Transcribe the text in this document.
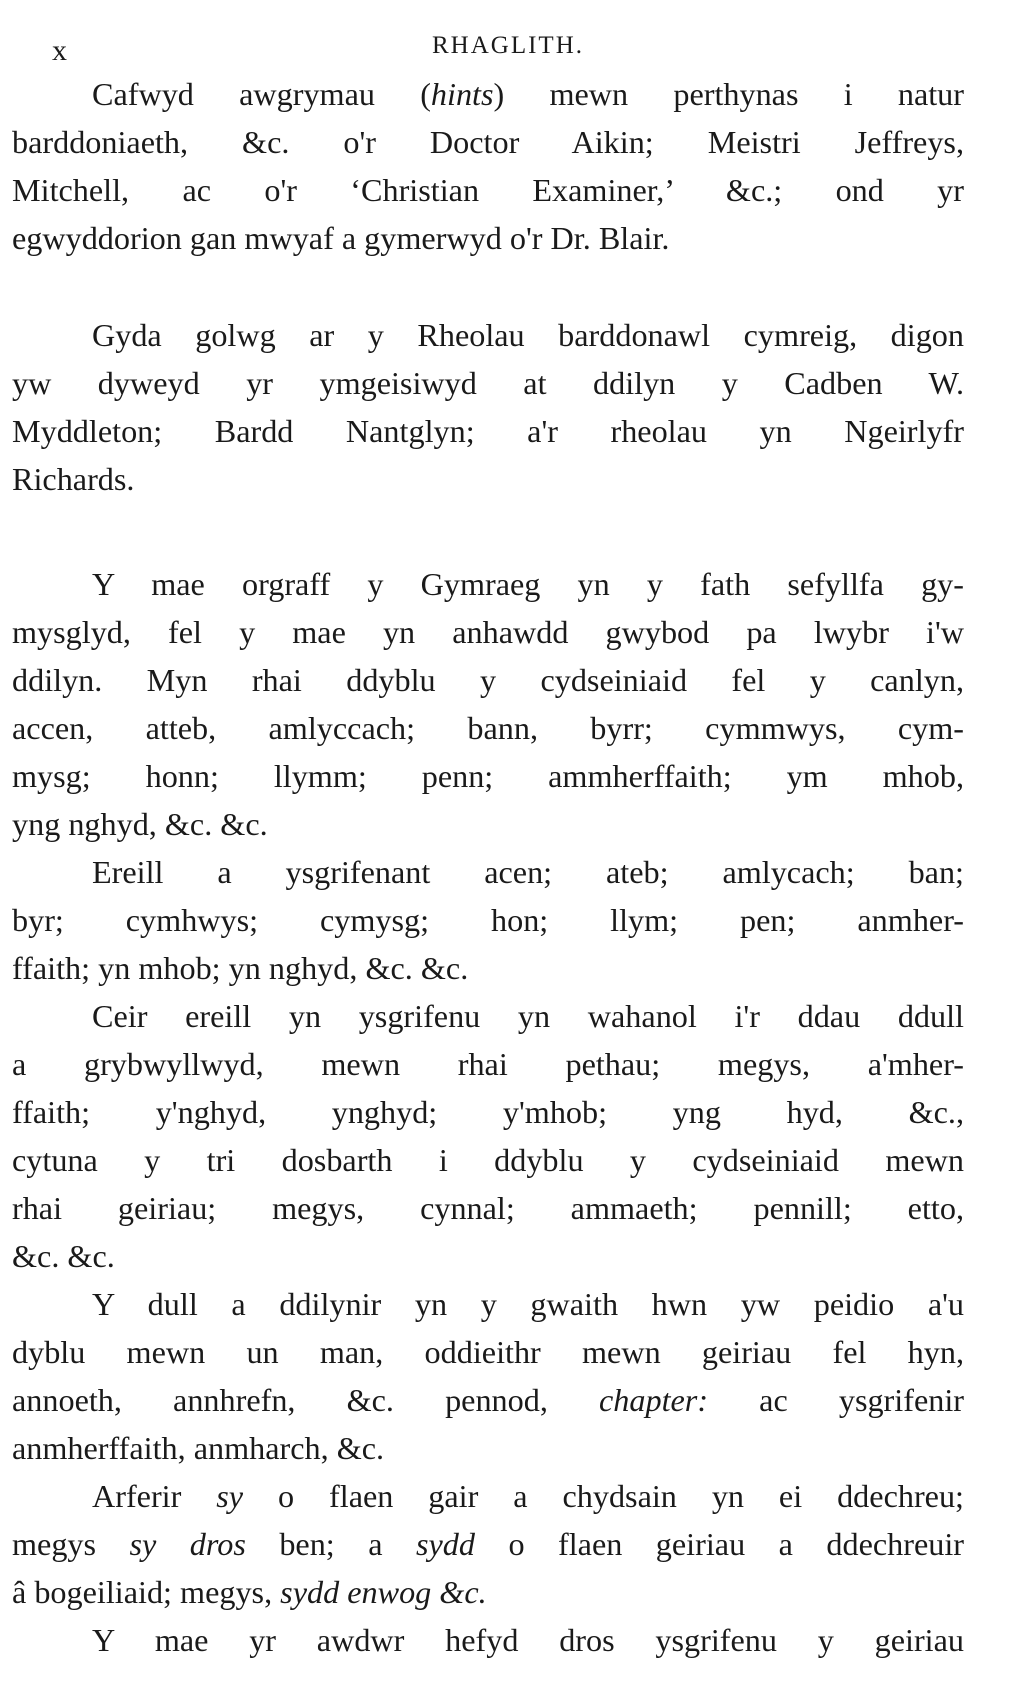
x	RHAGLITH.

Cafwyd awgrymau (hints) mewn perthynas i natur
barddoniaeth, &c. o'r Doctor Aikin; Meistri Jeffreys,
Mitchell, ac o'r ‘Christian Examiner,’ &c.; ond yr
egwyddorion gan mwyaf a gymerwyd o'r Dr. Blair.

Gyda golwg ar y Rheolau barddonawl cymreig, digon
yw dyweyd yr ymgeisiwyd at ddilyn y Cadben W.
Myddleton; Bardd Nantglyn; a'r rheolau yn Ngeirlyfr
Richards.

Y mae orgraff y Gymraeg yn y fath sefyllfa gy-
mysglyd, fel y mae yn anhawdd gwybod pa lwybr i'w
ddilyn. Myn rhai ddyblu y cydseiniaid fel y canlyn,
accen, atteb, amlyccach; bann, byrr; cymmwys, cym-
mysg; honn; llymm; penn; ammherffaith; ym mhob,
yng nghyd, &c. &c.

Ereill a ysgrifenant acen; ateb; amlycach; ban;
byr; cymhwys; cymysg; hon; llym; pen; anmher-
ffaith; yn mhob; yn nghyd, &c. &c.

Ceir ereill yn ysgrifenu yn wahanol i'r ddau ddull
a grybwyllwyd, mewn rhai pethau; megys, a'mher-
ffaith; y'nghyd, ynghyd; y'mhob; yng hyd, &c.,
cytuna y tri dosbarth i ddyblu y cydseiniaid mewn
rhai geiriau; megys, cynnal; ammaeth; pennill; etto,
&c. &c.

Y dull a ddilynir yn y gwaith hwn yw peidio a'u
dyblu mewn un man, oddieithr mewn geiriau fel hyn,
annoeth, annhrefn, &c. pennod, chapter: ac ysgrifenir
anmherffaith, anmharch, &c.

Arferir sy o flaen gair a chydsain yn ei ddechreu;
megys sy dros ben; a sydd o flaen geiriau a ddechreuir
â bogeiliaid; megys, sydd enwog &c.

Y mae yr awdwr hefyd dros ysgrifenu y geiriau
